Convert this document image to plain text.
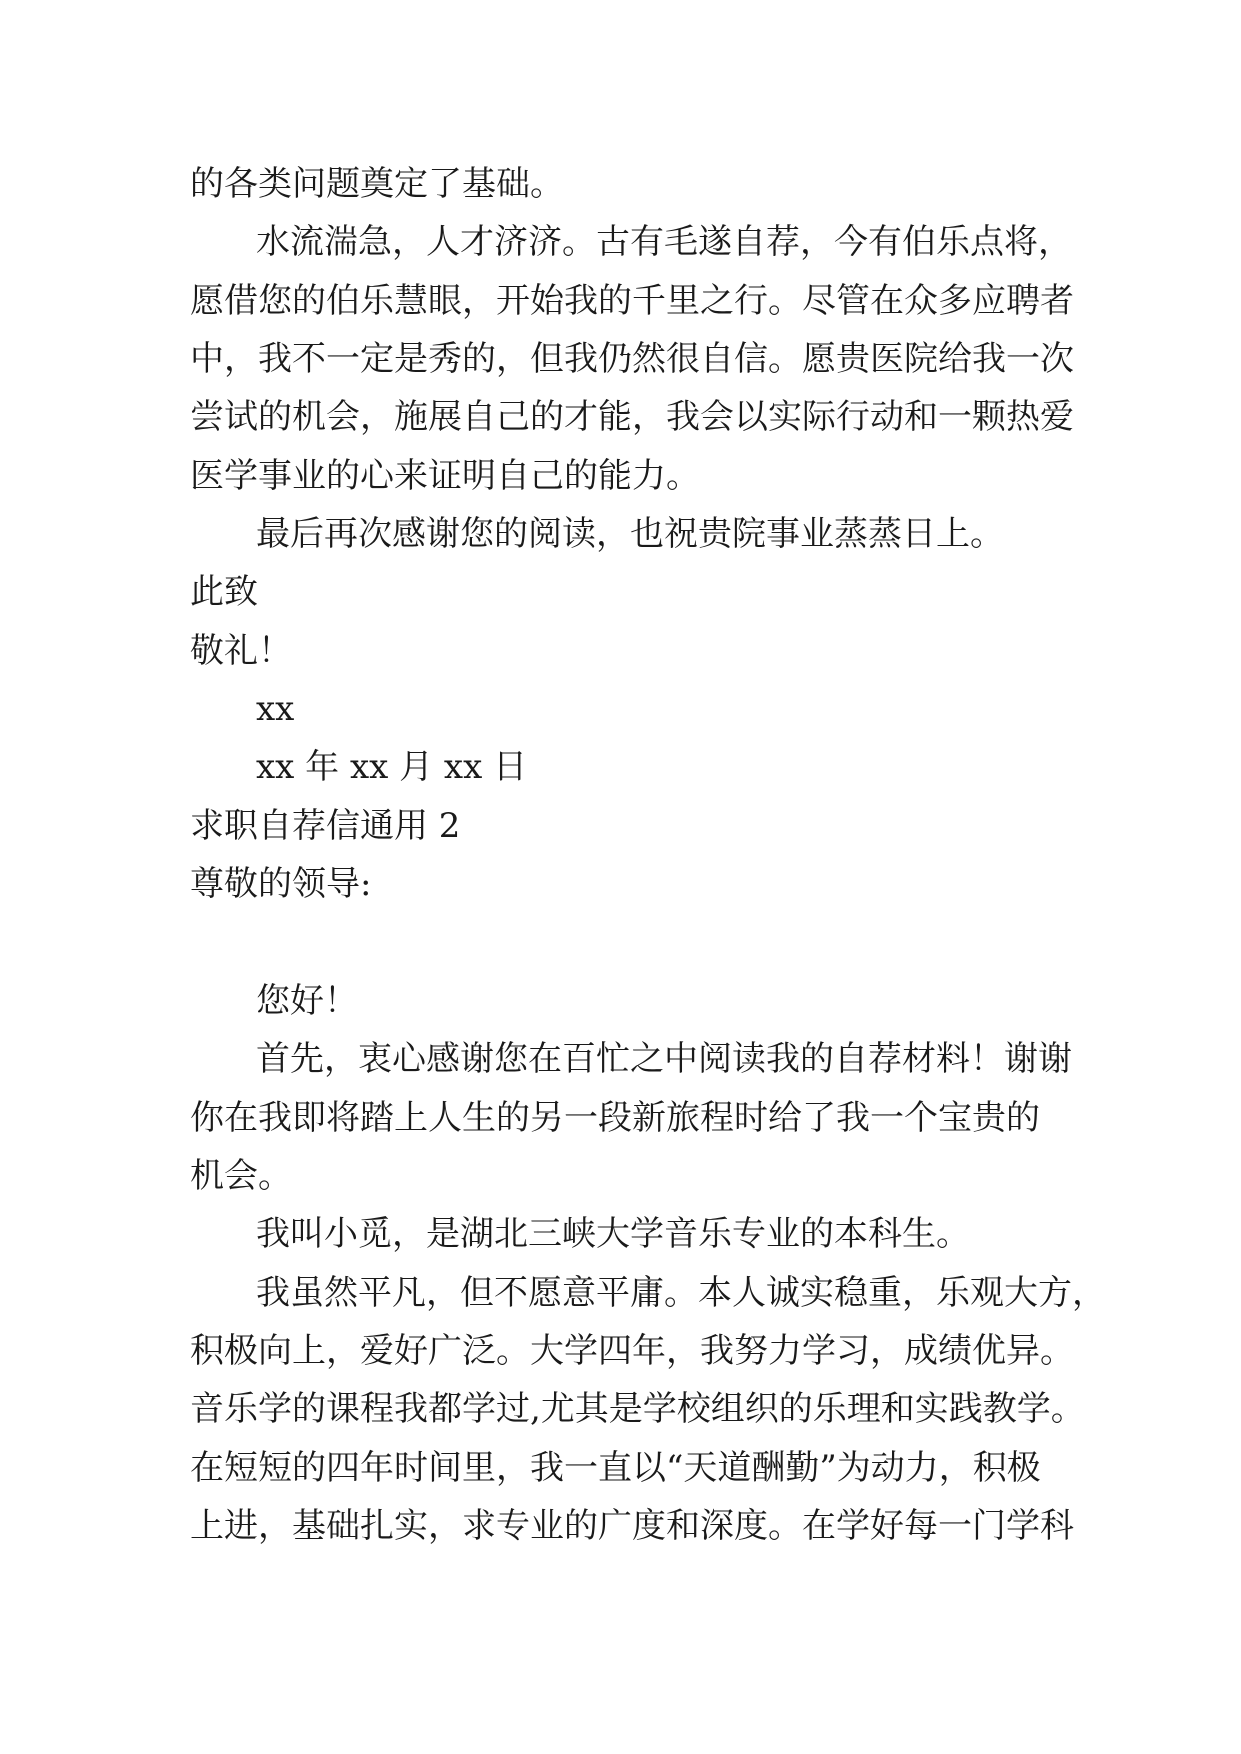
的各类问题奠定了基础。
水流湍急，人才济济。古有毛遂自荐，今有伯乐点将，
愿借您的伯乐慧眼，开始我的千里之行。尽管在众多应聘者
中，我不一定是秀的，但我仍然很自信。愿贵医院给我一次
尝试的机会，施展自己的才能，我会以实际行动和一颗热爱
医学事业的心来证明自己的能力。
最后再次感谢您的阅读，也祝贵院事业蒸蒸日上。
此致
敬礼！
xx
xx 年 xx 月 xx 日
求职自荐信通用 2
尊敬的领导:
您好！
首先，衷心感谢您在百忙之中阅读我的自荐材料！谢谢
你在我即将踏上人生的另一段新旅程时给了我一个宝贵的
机会。
我叫小觅，是湖北三峡大学音乐专业的本科生。
我虽然平凡，但不愿意平庸。本人诚实稳重，乐观大方，
积极向上，爱好广泛。大学四年，我努力学习，成绩优异。
音乐学的课程我都学过,尤其是学校组织的乐理和实践教学。
在短短的四年时间里，我一直以“天道酬勤”为动力，积极
上进，基础扎实，求专业的广度和深度。在学好每一门学科
